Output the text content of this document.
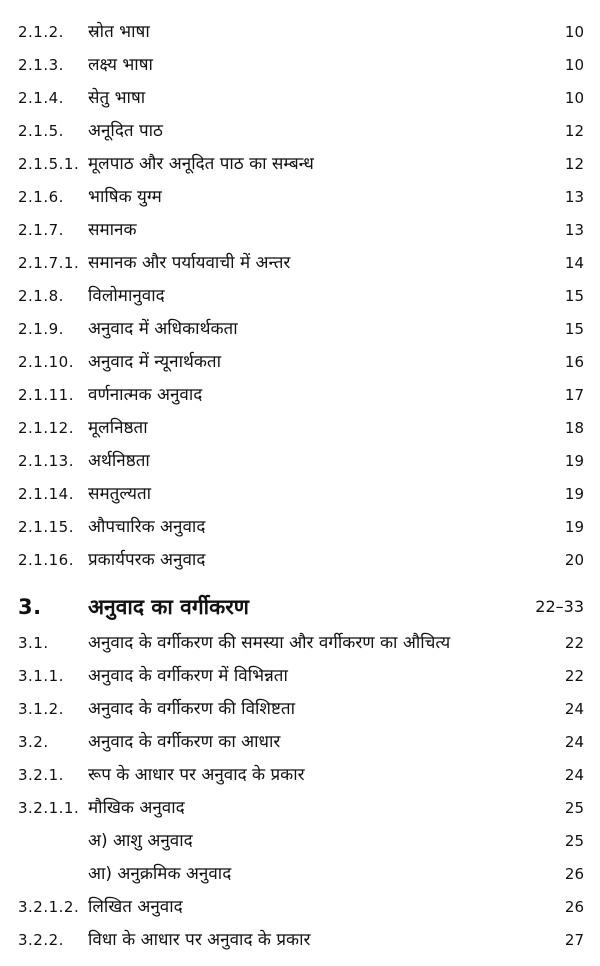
2.1.2. स्रोत भाषा	10
2.1.3. लक्ष्य भाषा	10
2.1.4. सेतु भाषा	10
2.1.5. अनूदित पाठ	12
2.1.5.1. मूलपाठ और अनूदित पाठ का सम्बन्ध	12
2.1.6. भाषिक युग्म	13
2.1.7. समानक	13
2.1.7.1. समानक और पर्यायवाची में अन्तर	14
2.1.8. विलोमानुवाद	15
2.1.9. अनुवाद में अधिकार्थकता	15
2.1.10. अनुवाद में न्यूनार्थकता	16
2.1.11. वर्णनात्मक अनुवाद	17
2.1.12. मूलनिष्ठता	18
2.1.13. अर्थनिष्ठता	19
2.1.14. समतुल्यता	19
2.1.15. औपचारिक अनुवाद	19
2.1.16. प्रकार्यपरक अनुवाद	20
3. अनुवाद का वर्गीकरण	22–33
3.1. अनुवाद के वर्गीकरण की समस्या और वर्गीकरण का औचित्य	22
3.1.1. अनुवाद के वर्गीकरण में विभिन्नता	22
3.1.2. अनुवाद के वर्गीकरण की विशिष्टता	24
3.2. अनुवाद के वर्गीकरण का आधार	24
3.2.1. रूप के आधार पर अनुवाद के प्रकार	24
3.2.1.1. मौखिक अनुवाद	25
अ) आशु अनुवाद	25
आ) अनुक्रमिक अनुवाद	26
3.2.1.2. लिखित अनुवाद	26
3.2.2. विधा के आधार पर अनुवाद के प्रकार	27
